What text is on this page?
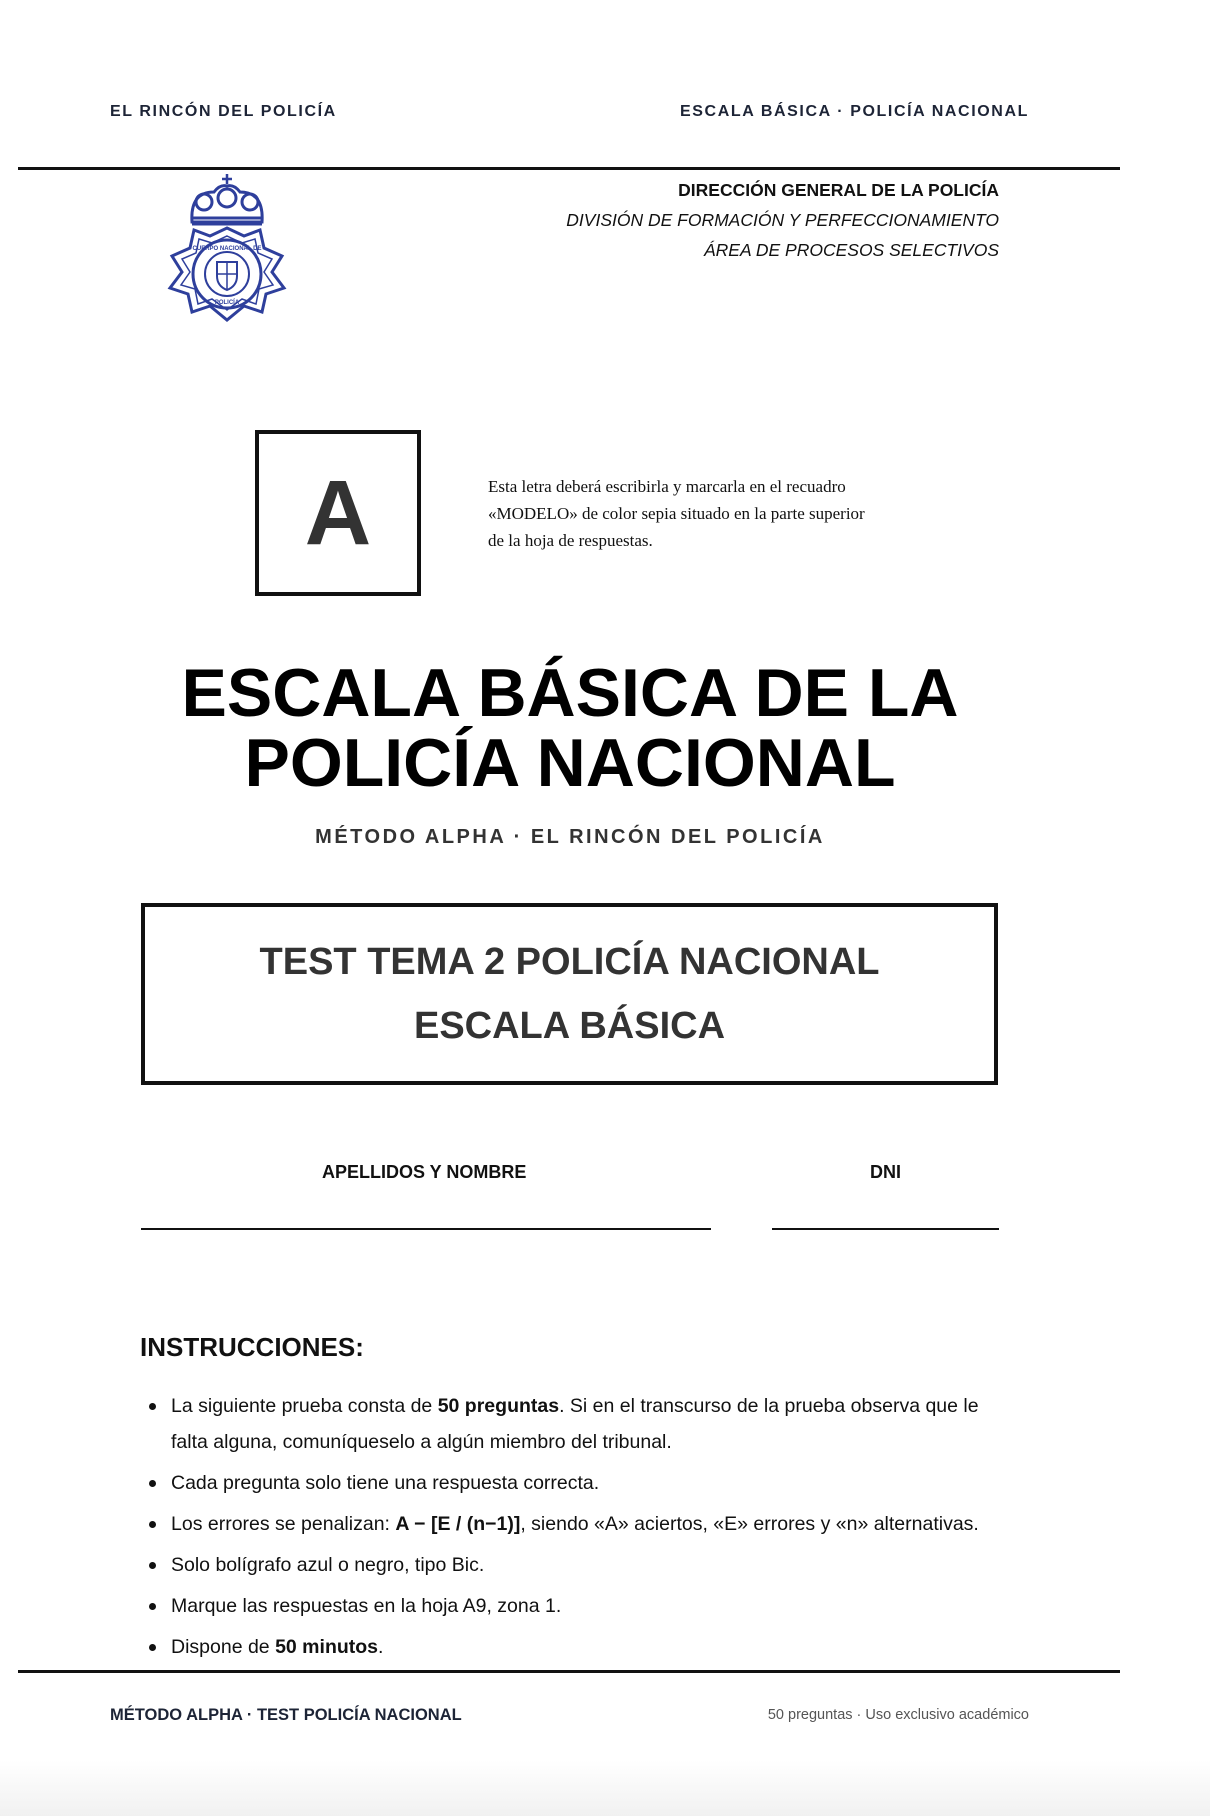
EL RINCÓN DEL POLICÍA	ESCALA BÁSICA · POLICÍA NACIONAL
CUERPO NACIONAL DE
POLICÍA
DIRECCIÓN GENERAL DE LA POLICÍA
DIVISIÓN DE FORMACIÓN Y PERFECCIONAMIENTO
ÁREA DE PROCESOS SELECTIVOS
A	Esta letra deberá escribirla y marcarla en el recuadro
«MODELO» de color sepia situado en la parte superior
de la hoja de respuestas.
ESCALA BÁSICA DE LA
POLICÍA NACIONAL
MÉTODO ALPHA · EL RINCÓN DEL POLICÍA
TEST TEMA 2 POLICÍA NACIONAL
ESCALA BÁSICA
APELLIDOS Y NOMBRE	DNI
INSTRUCCIONES:
La siguiente prueba consta de 50 preguntas. Si en el transcurso de la prueba observa que le falta alguna, comuníqueselo a algún miembro del tribunal.
Cada pregunta solo tiene una respuesta correcta.
Los errores se penalizan: A − [E / (n−1)], siendo «A» aciertos, «E» errores y «n» alternativas.
Solo bolígrafo azul o negro, tipo Bic.
Marque las respuestas en la hoja A9, zona 1.
Dispone de 50 minutos.
MÉTODO ALPHA · TEST POLICÍA NACIONAL	50 preguntas · Uso exclusivo académico
